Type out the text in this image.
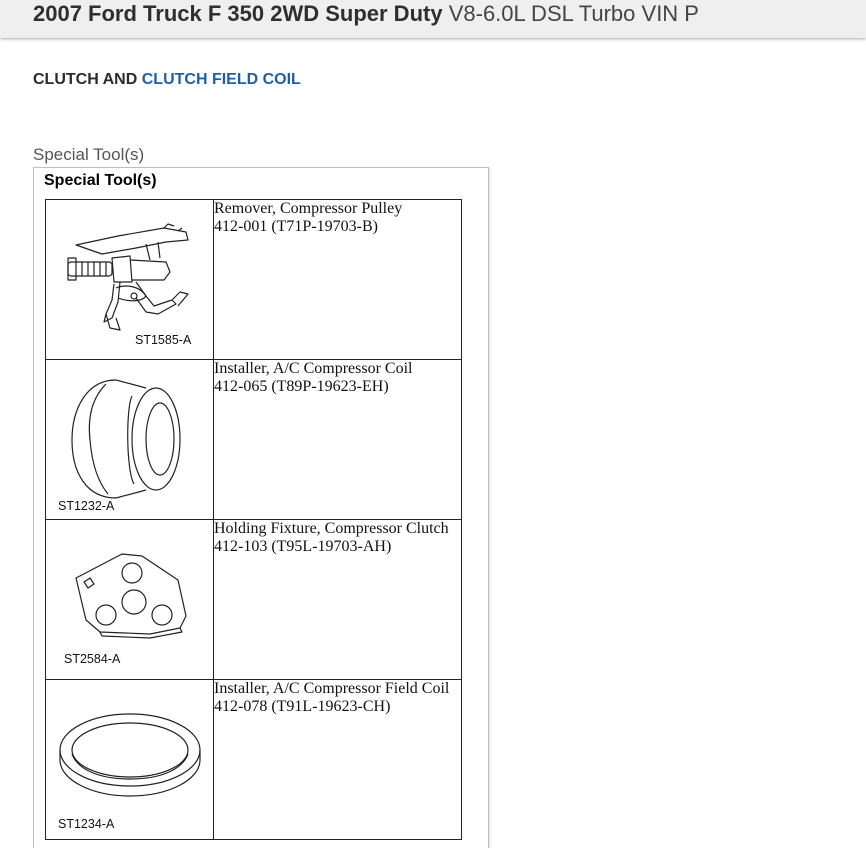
2007 Ford Truck F 350 2WD Super Duty V8-6.0L DSL Turbo VIN P
CLUTCH AND CLUTCH FIELD COIL
Special Tool(s)
Special Tool(s)
ST1585-A	Remover, Compressor Pulley
412-001 (T71P-19703-B)

ST1232-A	Installer, A/C Compressor Coil
412-065 (T89P-19623-EH)

ST2584-A	Holding Fixture, Compressor Clutch
412-103 (T95L-19703-AH)

ST1234-A	Installer, A/C Compressor Field Coil
412-078 (T91L-19623-CH)
